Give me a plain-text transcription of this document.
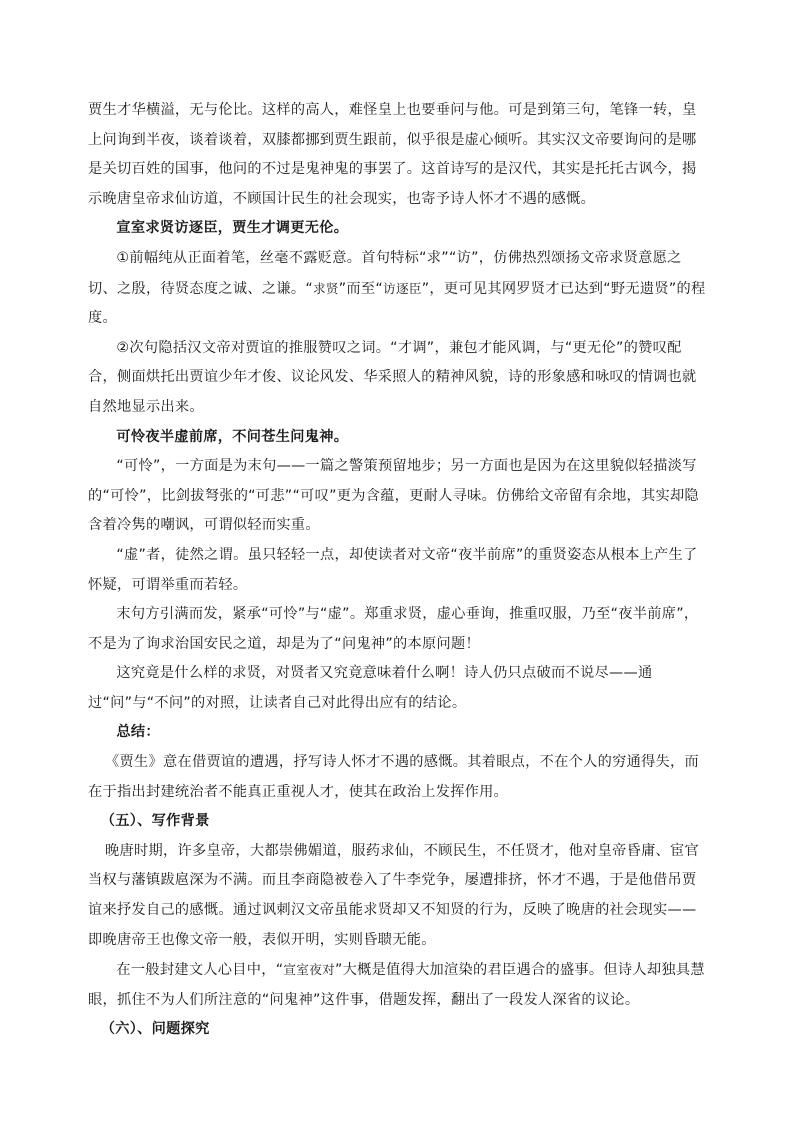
贾生才华横溢，无与伦比。这样的高人，难怪皇上也要垂问与他。可是到第三句，笔锋一转，皇上问询到半夜，谈着谈着，双膝都挪到贾生跟前，似乎很是虚心倾听。其实汉文帝要询问的是哪是关切百姓的国事，他问的不过是鬼神鬼的事罢了。这首诗写的是汉代，其实是托托古讽今，揭示晚唐皇帝求仙访道，不顾国计民生的社会现实，也寄予诗人怀才不遇的感慨。

宣室求贤访逐臣，贾生才调更无伦。

①前幅纯从正面着笔，丝毫不露贬意。首句特标“求”“访”，仿佛热烈颂扬文帝求贤意愿之切、之殷，待贤态度之诚、之谦。“求贤”而至“访逐臣”，更可见其网罗贤才已达到“野无遗贤”的程度。

②次句隐括汉文帝对贾谊的推服赞叹之词。“才调”，兼包才能风调，与“更无伦”的赞叹配合，侧面烘托出贾谊少年才俊、议论风发、华采照人的精神风貌，诗的形象感和咏叹的情调也就自然地显示出来。

可怜夜半虚前席，不问苍生问鬼神。

“可怜”，一方面是为末句——一篇之警策预留地步；另一方面也是因为在这里貌似轻描淡写的“可怜”，比剑拔弩张的“可悲”“可叹”更为含蕴，更耐人寻味。仿佛给文帝留有余地，其实却隐含着冷隽的嘲讽，可谓似轻而实重。

“虚”者，徒然之谓。虽只轻轻一点，却使读者对文帝“夜半前席”的重贤姿态从根本上产生了怀疑，可谓举重而若轻。

末句方引满而发，紧承“可怜”与“虚”。郑重求贤，虚心垂询，推重叹服，乃至“夜半前席”，不是为了询求治国安民之道，却是为了“问鬼神”的本原问题！

这究竟是什么样的求贤，对贤者又究竟意味着什么啊！诗人仍只点破而不说尽——通过“问”与“不问”的对照，让读者自己对此得出应有的结论。

总结：

《贾生》意在借贾谊的遭遇，抒写诗人怀才不遇的感慨。其着眼点，不在个人的穷通得失，而在于指出封建统治者不能真正重视人才，使其在政治上发挥作用。

（五）、写作背景

晚唐时期，许多皇帝，大都崇佛媚道，服药求仙，不顾民生，不任贤才，他对皇帝昏庸、宦官当权与藩镇跋扈深为不满。而且李商隐被卷入了牛李党争，屡遭排挤，怀才不遇，于是他借吊贾谊来抒发自己的感慨。通过讽刺汉文帝虽能求贤却又不知贤的行为，反映了晚唐的社会现实——即晚唐帝王也像文帝一般，表似开明，实则昏聩无能。

在一般封建文人心目中，“宣室夜对”大概是值得大加渲染的君臣遇合的盛事。但诗人却独具慧眼，抓住不为人们所注意的“问鬼神”这件事，借题发挥，翻出了一段发人深省的议论。

（六）、问题探究
